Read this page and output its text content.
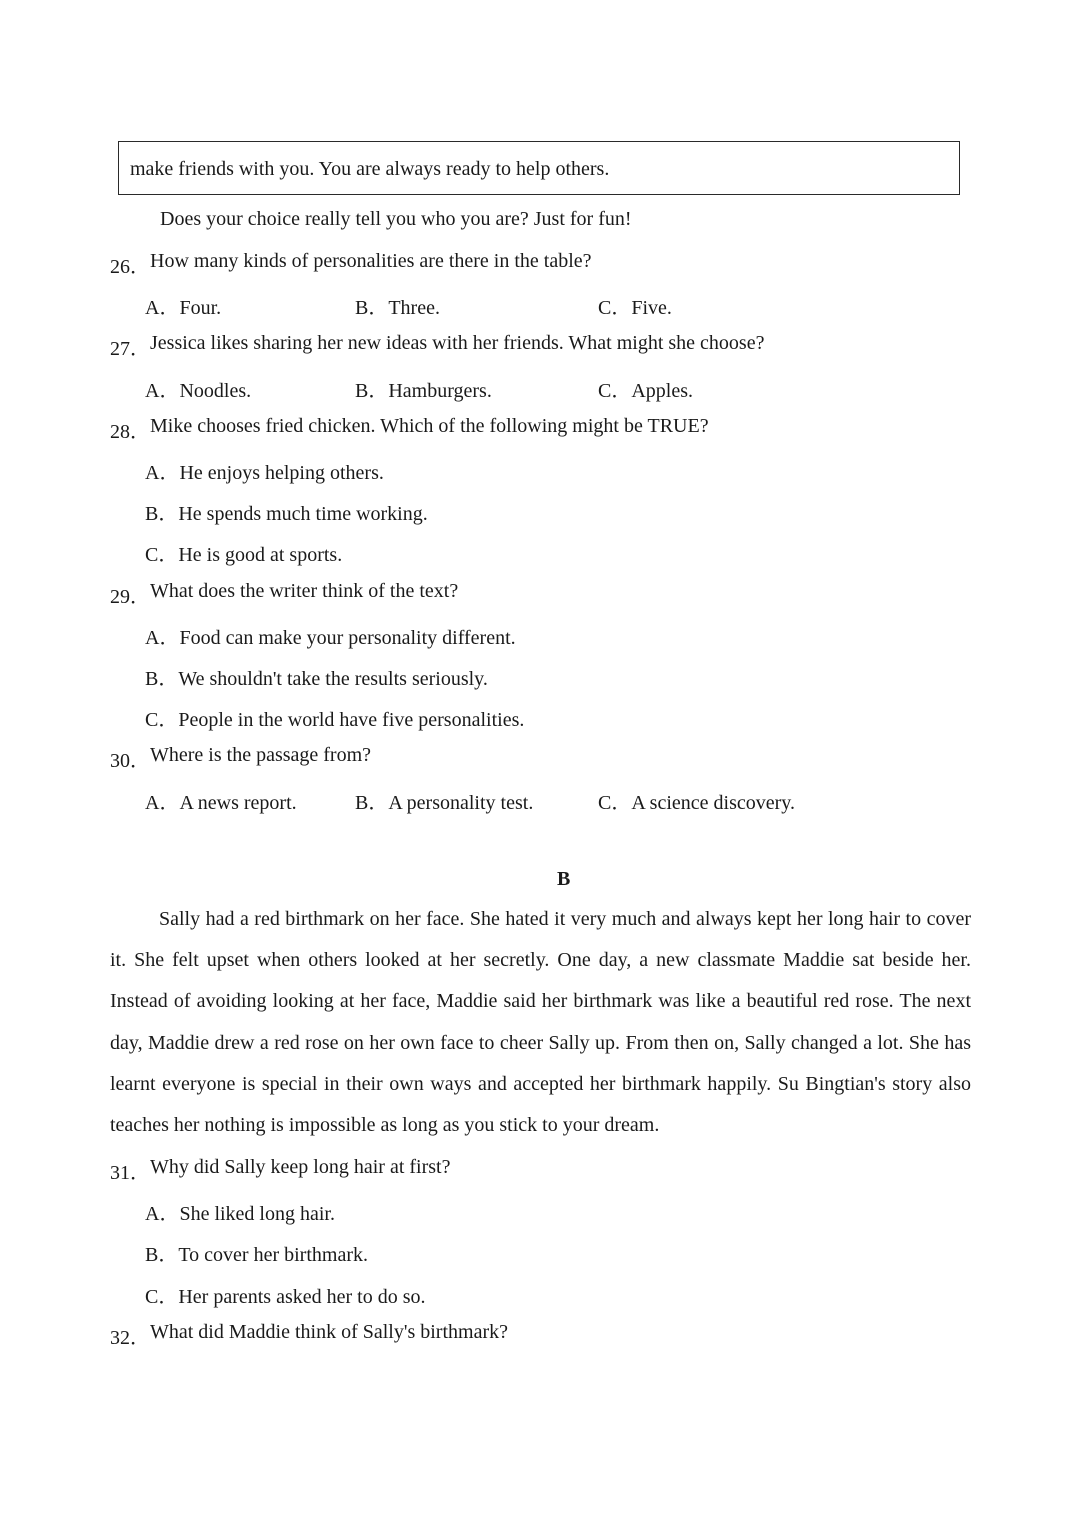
make friends with you. You are always ready to help others.
Does your choice really tell you who you are? Just for fun!
26． How many kinds of personalities are there in the table?
A．Four.	B．Three.	C．Five.
27． Jessica likes sharing her new ideas with her friends. What might she choose?
A．Noodles.	B．Hamburgers.	C．Apples.
28． Mike chooses fried chicken. Which of the following might be TRUE?
A．He enjoys helping others.
B．He spends much time working.
C．He is good at sports.
29． What does the writer think of the text?
A．Food can make your personality different.
B．We shouldn't take the results seriously.
C．People in the world have five personalities.
30． Where is the passage from?
A．A news report.	B．A personality test.	C．A science discovery.
B
Sally had a red birthmark on her face. She hated it very much and always kept her long hair to cover it. She felt upset when others looked at her secretly. One day, a new classmate Maddie sat beside her. Instead of avoiding looking at her face, Maddie said her birthmark was like a beautiful red rose. The next day, Maddie drew a red rose on her own face to cheer Sally up. From then on, Sally changed a lot. She has learnt everyone is special in their own ways and accepted her birthmark happily. Su Bingtian's story also teaches her nothing is impossible as long as you stick to your dream.
31． Why did Sally keep long hair at first?
A．She liked long hair.
B．To cover her birthmark.
C．Her parents asked her to do so.
32． What did Maddie think of Sally's birthmark?
